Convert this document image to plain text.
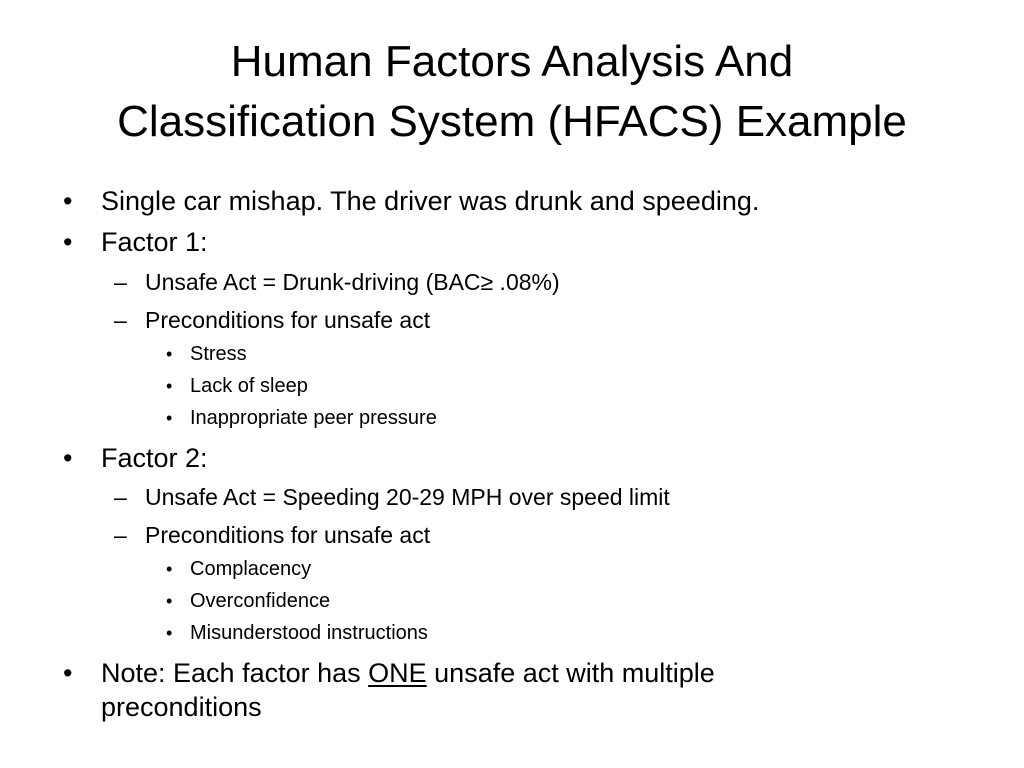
Human Factors Analysis And
Classification System (HFACS) Example
• Single car mishap. The driver was drunk and speeding.
• Factor 1:
– Unsafe Act = Drunk-driving (BAC≥ .08%)
– Preconditions for unsafe act
• Stress
• Lack of sleep
• Inappropriate peer pressure
• Factor 2:
– Unsafe Act = Speeding 20-29 MPH over speed limit
– Preconditions for unsafe act
• Complacency
• Overconfidence
• Misunderstood instructions
• Note: Each factor has ONE unsafe act with multiple
preconditions
